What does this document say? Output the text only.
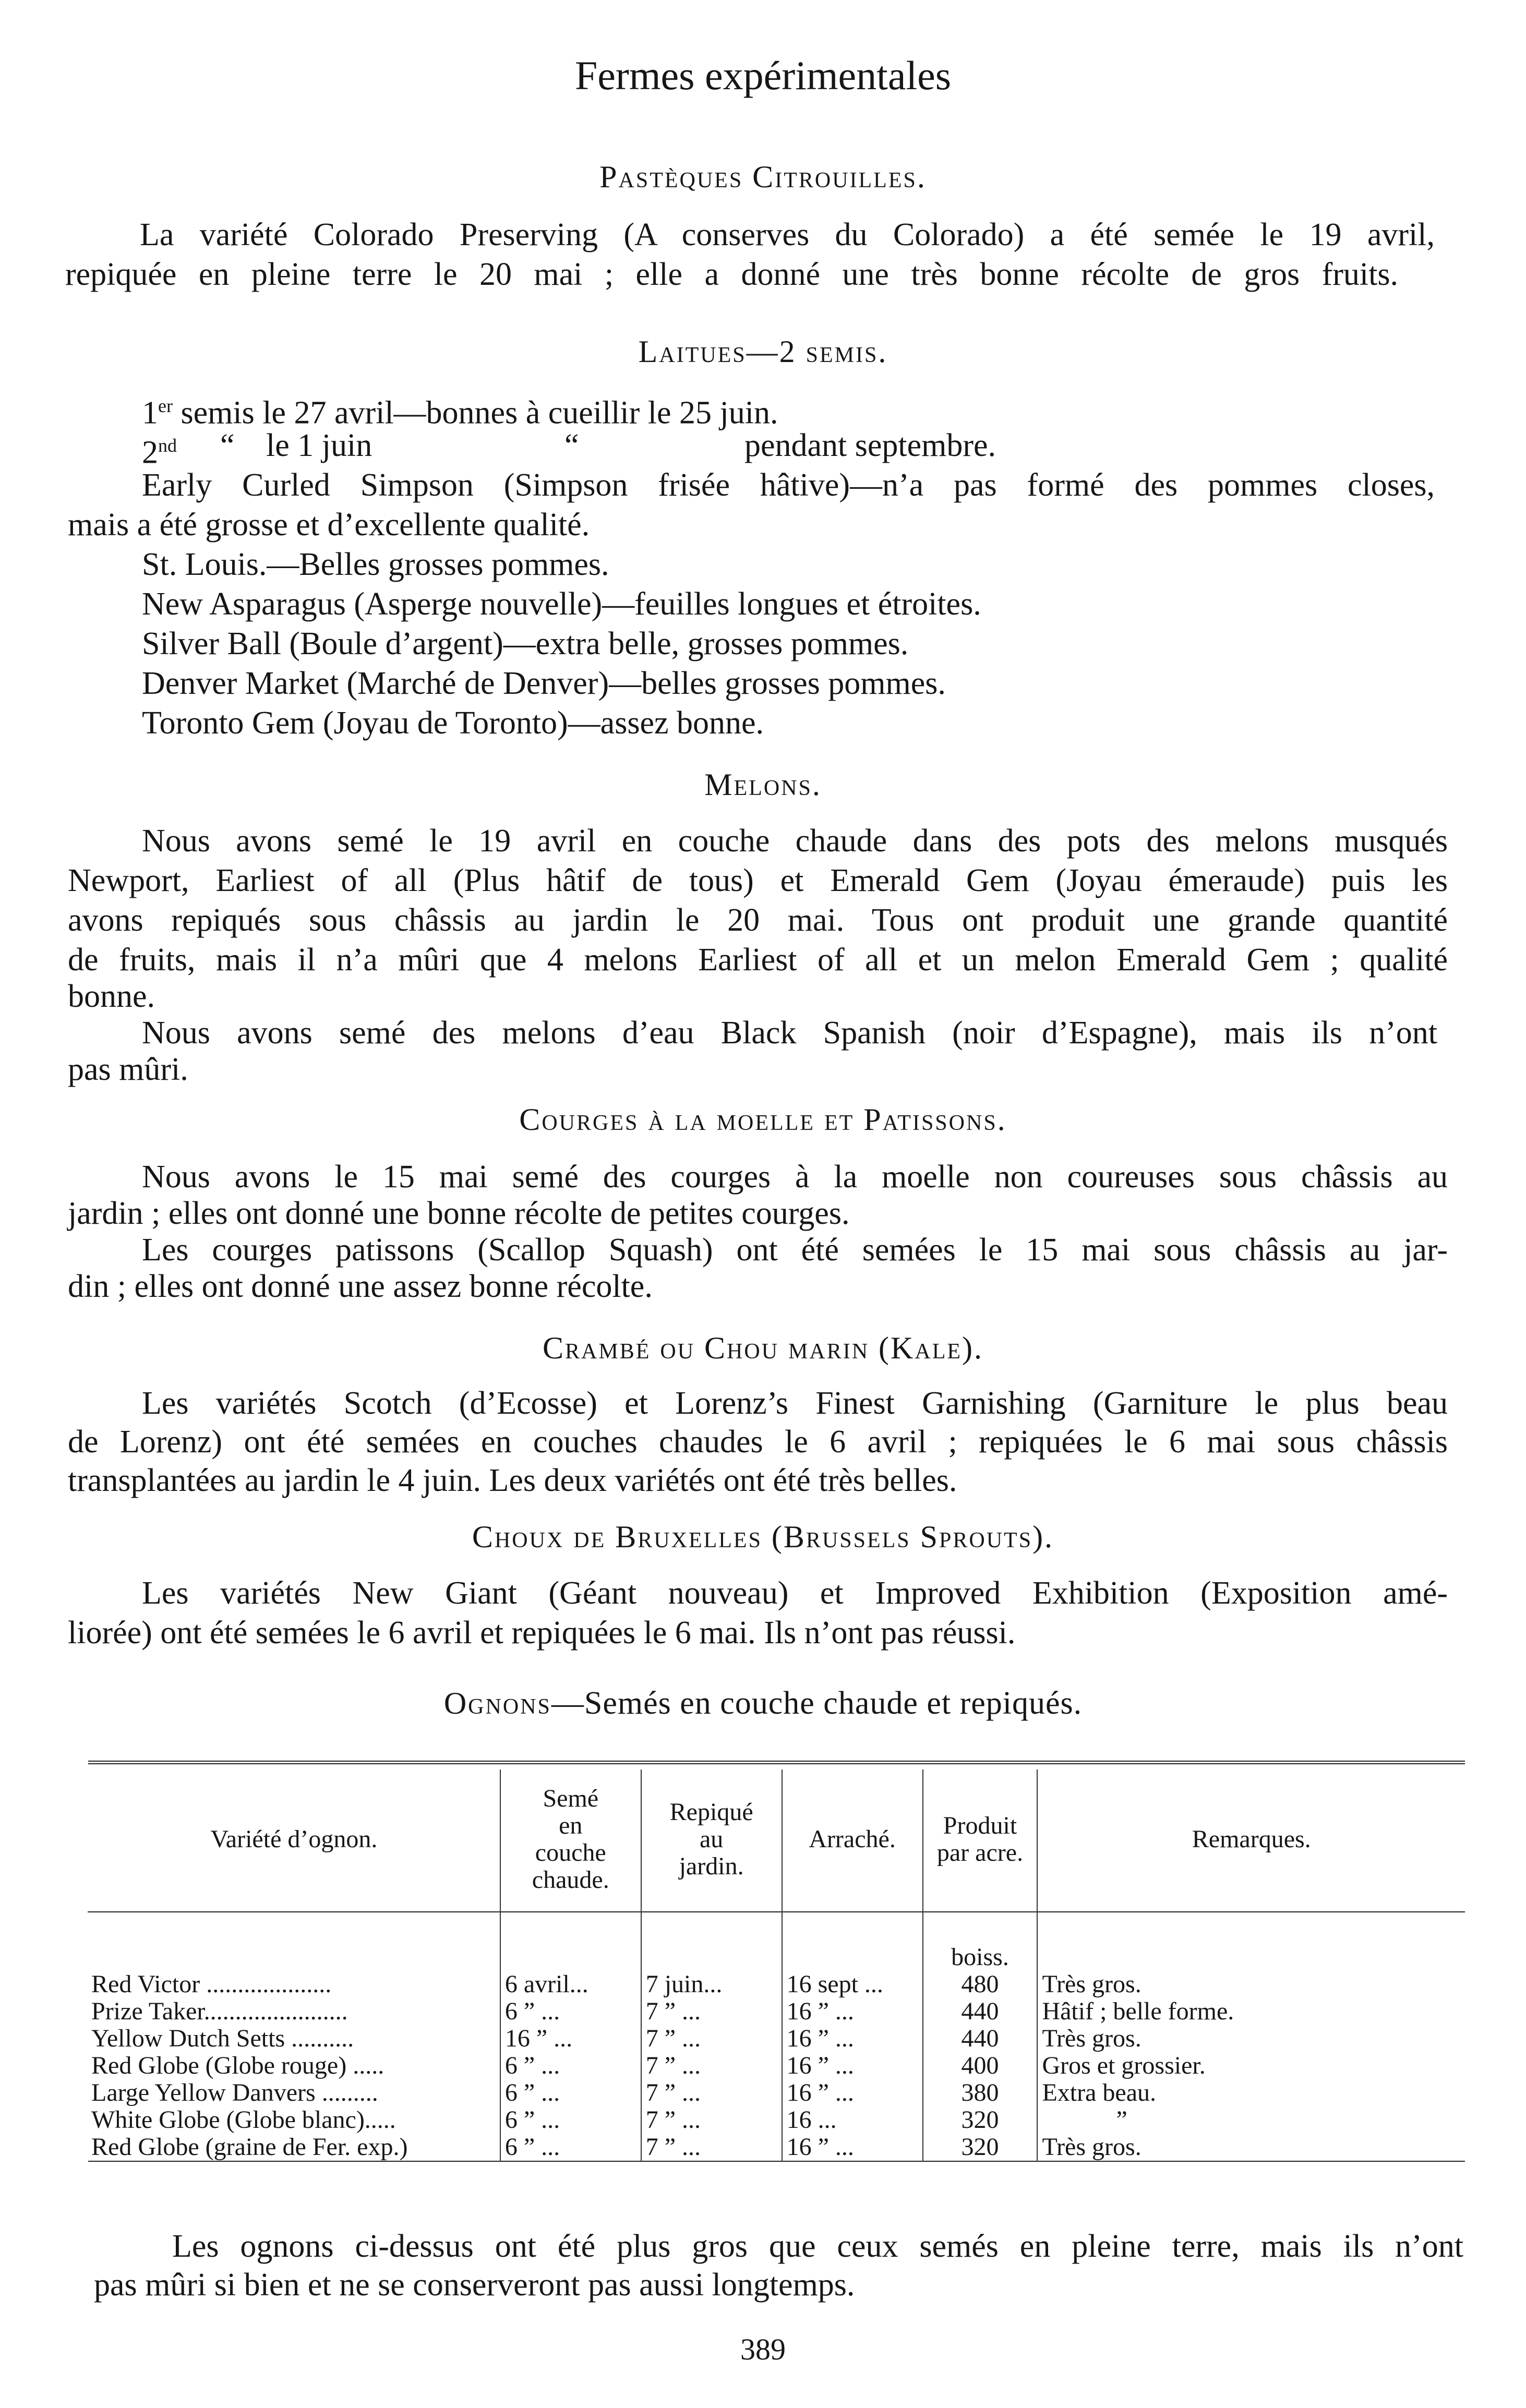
Fermes expérimentales
Pastèques Citrouilles.
La variété Colorado Preserving (A conserves du Colorado) a été semée le 19 avril,
repiquée en pleine terre le 20 mai ; elle a donné une très bonne récolte de gros fruits.
Laitues—2 semis.
1er semis le 27 avril—bonnes à cueillir le 25 juin.
2nd “ le 1 juin	“	pendant septembre.
Early Curled Simpson (Simpson frisée hâtive)—n’a pas formé des pommes closes,
mais a été grosse et d’excellente qualité.
St. Louis.—Belles grosses pommes.
New Asparagus (Asperge nouvelle)—feuilles longues et étroites.
Silver Ball (Boule d’argent)—extra belle, grosses pommes.
Denver Market (Marché de Denver)—belles grosses pommes.
Toronto Gem (Joyau de Toronto)—assez bonne.
Melons.
Nous avons semé le 19 avril en couche chaude dans des pots des melons musqués
Newport, Earliest of all (Plus hâtif de tous) et Emerald Gem (Joyau émeraude) puis les
avons repiqués sous châssis au jardin le 20 mai. Tous ont produit une grande quantité
de fruits, mais il n’a mûri que 4 melons Earliest of all et un melon Emerald Gem ; qualité
bonne.
Nous avons semé des melons d’eau Black Spanish (noir d’Espagne), mais ils n’ont
pas mûri.
Courges à la moelle et Patissons.
Nous avons le 15 mai semé des courges à la moelle non coureuses sous châssis au
jardin ; elles ont donné une bonne récolte de petites courges.
Les courges patissons (Scallop Squash) ont été semées le 15 mai sous châssis au jar-
din ; elles ont donné une assez bonne récolte.
Crambé ou Chou marin (Kale).
Les variétés Scotch (d’Ecosse) et Lorenz’s Finest Garnishing (Garniture le plus beau
de Lorenz) ont été semées en couches chaudes le 6 avril ; repiquées le 6 mai sous châssis
transplantées au jardin le 4 juin. Les deux variétés ont été très belles.
Choux de Bruxelles (Brussels Sprouts).
Les variétés New Giant (Géant nouveau) et Improved Exhibition (Exposition amé-
liorée) ont été semées le 6 avril et repiquées le 6 mai. Ils n’ont pas réussi.
Ognons—Semés en couche chaude et repiqués.

Variété d’ognon.	Semé
en
couche
chaude.	Repiqué
au
jardin.	Arraché.	Produit
par acre.	Remarques.

				boiss.	
Red Victor ....................	6 avril...	7 juin...	16 sept ...	480	Très gros.
Prize Taker.......................	6 ” ...	7 ” ...	16 ” ...	440	Hâtif ; belle forme.
Yellow Dutch Setts ..........	16 ” ...	7 ” ...	16 ” ...	440	Très gros.
Red Globe (Globe rouge) .....	6 ” ...	7 ” ...	16 ” ...	400	Gros et grossier.
Large Yellow Danvers .........	6 ” ...	7 ” ...	16 ” ...	380	Extra beau.
White Globe (Globe blanc).....	6 ” ...	7 ” ...	16 ...	320	”
Red Globe (graine de Fer. exp.)	6 ” ...	7 ” ...	16 ” ...	320	Très gros.

Les ognons ci-dessus ont été plus gros que ceux semés en pleine terre, mais ils n’ont
pas mûri si bien et ne se conserveront pas aussi longtemps.
389
